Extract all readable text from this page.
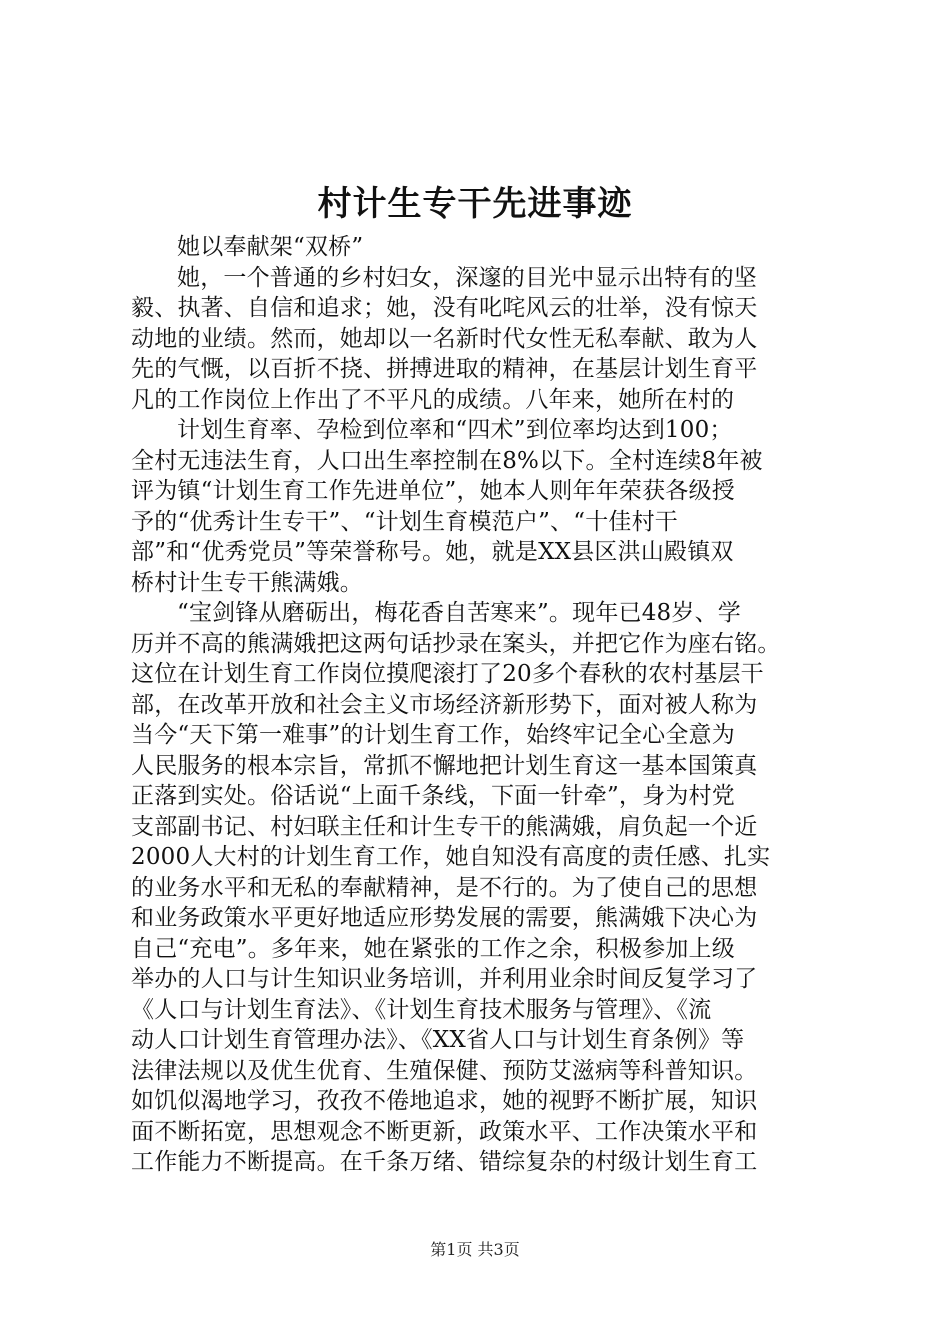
村计生专干先进事迹
她以奉献架“双桥”
她，一个普通的乡村妇女，深邃的目光中显示出特有的坚
毅、执著、自信和追求；她，没有叱咤风云的壮举，没有惊天
动地的业绩。然而，她却以一名新时代女性无私奉献、敢为人
先的气慨，以百折不挠、拼搏进取的精神，在基层计划生育平
凡的工作岗位上作出了不平凡的成绩。八年来，她所在村的
计划生育率、孕检到位率和“四术”到位率均达到100；
全村无违法生育，人口出生率控制在8%以下。全村连续8年被
评为镇“计划生育工作先进单位”，她本人则年年荣获各级授
予的“优秀计生专干”、“计划生育模范户”、“十佳村干
部”和“优秀党员”等荣誉称号。她，就是XX县区洪山殿镇双
桥村计生专干熊满娥。
“宝剑锋从磨砺出，梅花香自苦寒来”。现年已48岁、学
历并不高的熊满娥把这两句话抄录在案头，并把它作为座右铭。
这位在计划生育工作岗位摸爬滚打了20多个春秋的农村基层干
部，在改革开放和社会主义市场经济新形势下，面对被人称为
当今“天下第一难事”的计划生育工作，始终牢记全心全意为
人民服务的根本宗旨，常抓不懈地把计划生育这一基本国策真
正落到实处。俗话说“上面千条线，下面一针牵”，身为村党
支部副书记、村妇联主任和计生专干的熊满娥，肩负起一个近
2000人大村的计划生育工作，她自知没有高度的责任感、扎实
的业务水平和无私的奉献精神，是不行的。为了使自己的思想
和业务政策水平更好地适应形势发展的需要，熊满娥下决心为
自己“充电”。多年来，她在紧张的工作之余，积极参加上级
举办的人口与计生知识业务培训，并利用业余时间反复学习了
《人口与计划生育法》、《计划生育技术服务与管理》、《流
动人口计划生育管理办法》、《XX省人口与计划生育条例》等
法律法规以及优生优育、生殖保健、预防艾滋病等科普知识。
如饥似渴地学习，孜孜不倦地追求，她的视野不断扩展，知识
面不断拓宽，思想观念不断更新，政策水平、工作决策水平和
工作能力不断提高。在千条万绪、错综复杂的村级计划生育工
第1页 共3页
